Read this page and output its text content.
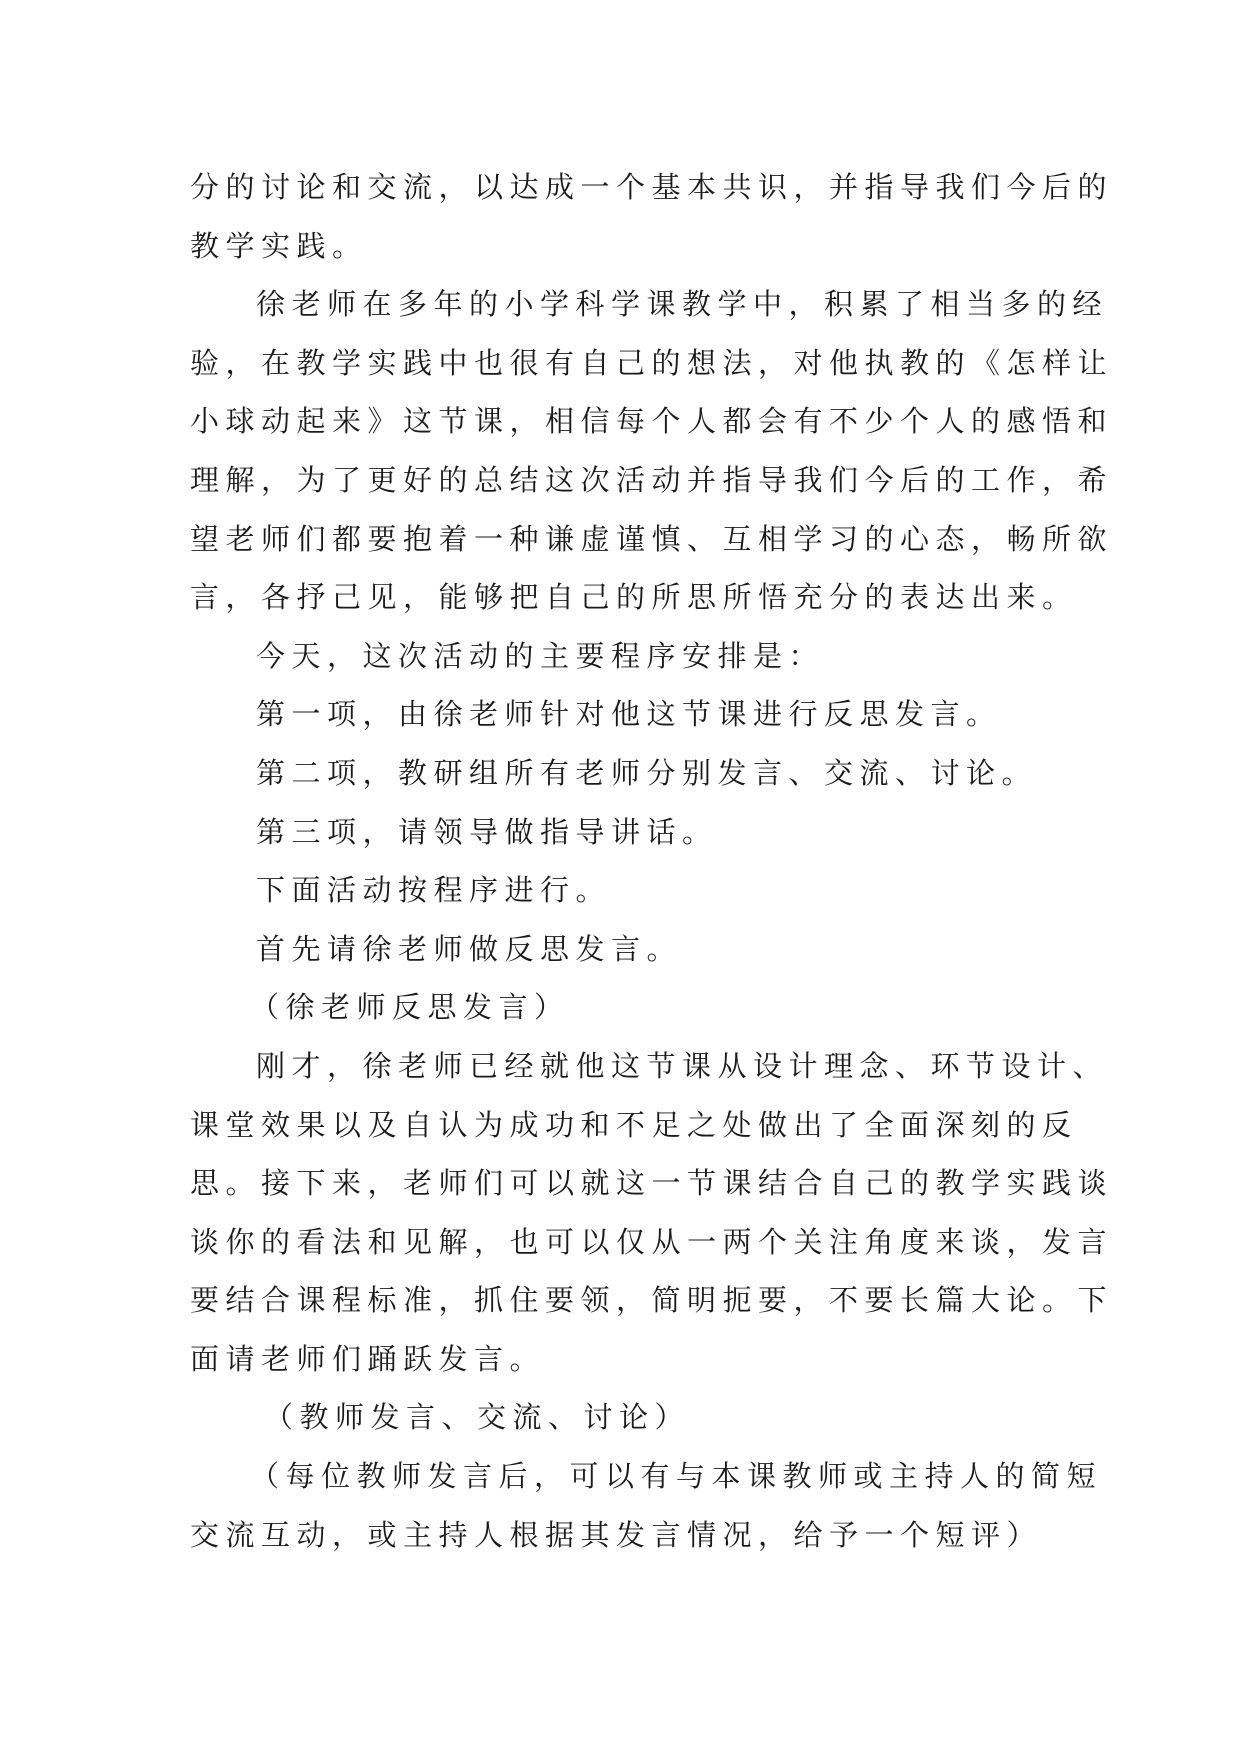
分的讨论和交流，以达成一个基本共识，并指导我们今后的
教学实践。
徐老师在多年的小学科学课教学中，积累了相当多的经
验，在教学实践中也很有自己的想法，对他执教的《怎样让
小球动起来》这节课，相信每个人都会有不少个人的感悟和
理解，为了更好的总结这次活动并指导我们今后的工作，希
望老师们都要抱着一种谦虚谨慎、互相学习的心态，畅所欲
言，各抒己见，能够把自己的所思所悟充分的表达出来。
今天，这次活动的主要程序安排是：
第一项，由徐老师针对他这节课进行反思发言。
第二项，教研组所有老师分别发言、交流、讨论。
第三项，请领导做指导讲话。
下面活动按程序进行。
首先请徐老师做反思发言。
（徐老师反思发言）
刚才，徐老师已经就他这节课从设计理念、环节设计、
课堂效果以及自认为成功和不足之处做出了全面深刻的反
思。接下来，老师们可以就这一节课结合自己的教学实践谈
谈你的看法和见解，也可以仅从一两个关注角度来谈，发言
要结合课程标准，抓住要领，简明扼要，不要长篇大论。下
面请老师们踊跃发言。
（教师发言、交流、讨论）
（每位教师发言后，可以有与本课教师或主持人的简短
交流互动，或主持人根据其发言情况，给予一个短评）
